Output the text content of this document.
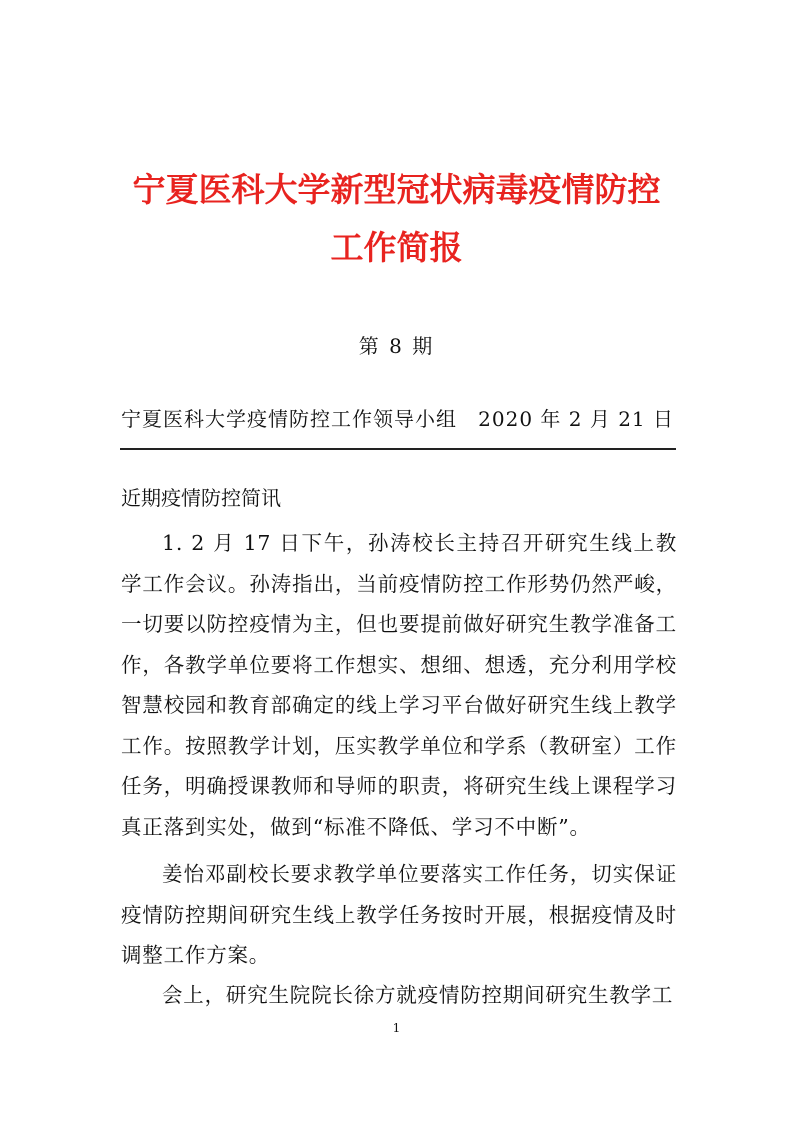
宁夏医科大学新型冠状病毒疫情防控
工作简报
第 8 期
宁夏医科大学疫情防控工作领导小组 2020 年 2 月 21 日
近期疫情防控简讯

1. 2 月 17 日下午，孙涛校长主持召开研究生线上教学工作会议。孙涛指出，当前疫情防控工作形势仍然严峻，一切要以防控疫情为主，但也要提前做好研究生教学准备工作，各教学单位要将工作想实、想细、想透，充分利用学校智慧校园和教育部确定的线上学习平台做好研究生线上教学工作。按照教学计划，压实教学单位和学系（教研室）工作任务，明确授课教师和导师的职责，将研究生线上课程学习真正落到实处，做到“标准不降低、学习不中断”。

姜怡邓副校长要求教学单位要落实工作任务，切实保证疫情防控期间研究生线上教学任务按时开展，根据疫情及时调整工作方案。

会上，研究生院院长徐方就疫情防控期间研究生教学工

1
